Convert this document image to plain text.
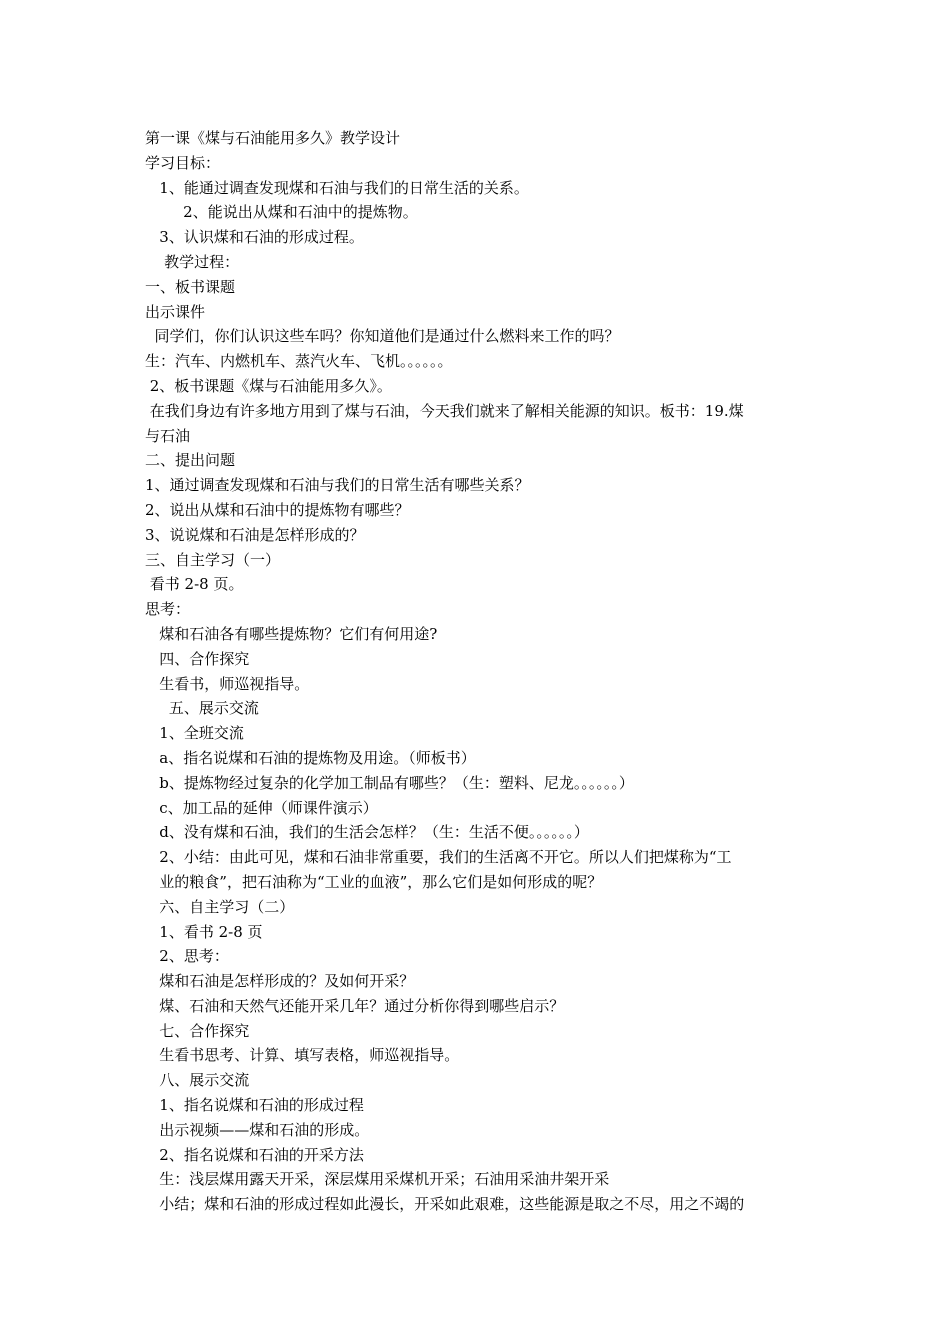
第一课《煤与石油能用多久》教学设计
学习目标：
1、能通过调查发现煤和石油与我们的日常生活的关系。
2、能说出从煤和石油中的提炼物。
3、认识煤和石油的形成过程。
教学过程：
一、板书课题
出示课件
同学们，你们认识这些车吗？你知道他们是通过什么燃料来工作的吗？
生：汽车、内燃机车、蒸汽火车、飞机。。。。。。
2、板书课题《煤与石油能用多久》。
在我们身边有许多地方用到了煤与石油，今天我们就来了解相关能源的知识。板书：19.煤
与石油
二、提出问题
1、通过调查发现煤和石油与我们的日常生活有哪些关系？
2、说出从煤和石油中的提炼物有哪些？
3、说说煤和石油是怎样形成的？
三、自主学习（一）
看书 2-8 页。
思考：
煤和石油各有哪些提炼物？它们有何用途?
四、合作探究
生看书，师巡视指导。
五、展示交流
1、全班交流
a、指名说煤和石油的提炼物及用途。（师板书）
b、提炼物经过复杂的化学加工制品有哪些？（生：塑料、尼龙。。。。。。）
c、加工品的延伸（师课件演示）
d、没有煤和石油，我们的生活会怎样？（生：生活不便。。。。。。）
2、小结：由此可见，煤和石油非常重要，我们的生活离不开它。所以人们把煤称为“工
业的粮食”，把石油称为“工业的血液”，那么它们是如何形成的呢？
六、自主学习（二）
1、看书 2-8 页
2、思考：
煤和石油是怎样形成的？及如何开采？
煤、石油和天然气还能开采几年？通过分析你得到哪些启示？
七、合作探究
生看书思考、计算、填写表格，师巡视指导。
八、展示交流
1、指名说煤和石油的形成过程
出示视频——煤和石油的形成。
2、指名说煤和石油的开采方法
生：浅层煤用露天开采，深层煤用采煤机开采；石油用采油井架开采
小结；煤和石油的形成过程如此漫长，开采如此艰难，这些能源是取之不尽，用之不竭的
